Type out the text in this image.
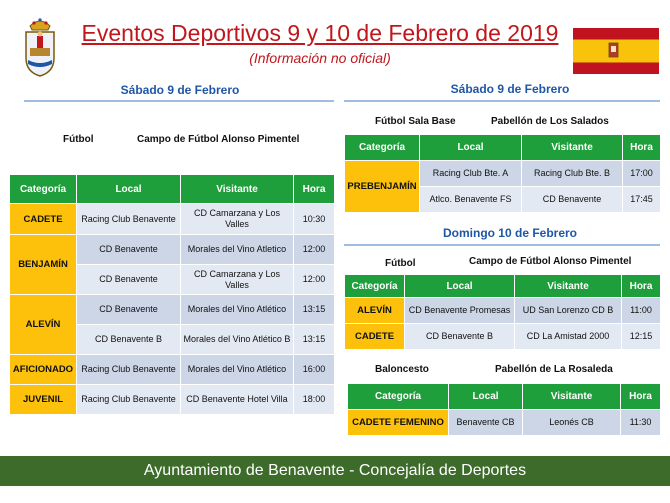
Eventos Deportivos 9 y 10 de Febrero de 2019
(Información no oficial)
Sábado 9 de Febrero
Fútbol	Campo de Fútbol Alonso Pimentel
Categoría	Local	Visitante	Hora
CADETE	Racing Club Benavente	CD Camarzana y Los Valles	10:30
BENJAMÍN	CD Benavente	Morales del Vino Atletico	12:00
	CD Benavente	CD Camarzana y Los Valles	12:00
ALEVÍN	CD Benavente	Morales del Vino Atlético	13:15
	CD Benavente B	Morales del Vino Atlético B	13:15
AFICIONADO	Racing Club Benavente	Morales del Vino Atlético	16:00
JUVENIL	Racing Club Benavente	CD Benavente Hotel Villa	18:00
Sábado 9 de Febrero
Fútbol Sala Base	Pabellón de Los Salados
Categoría	Local	Visitante	Hora
PREBENJAMÍN	Racing Club Bte. A	Racing Club Bte. B	17:00
	Atlco. Benavente FS	CD Benavente	17:45
Domingo 10 de Febrero
Fútbol	Campo de Fútbol Alonso Pimentel
Categoría	Local	Visitante	Hora
ALEVÍN	CD Benavente Promesas	UD San Lorenzo CD B	11:00
CADETE	CD Benavente B	CD La Amistad 2000	12:15
Baloncesto	Pabellón de La Rosaleda
Categoría	Local	Visitante	Hora
CADETE FEMENINO	Benavente CB	Leonés CB	11:30
Ayuntamiento de Benavente - Concejalía de Deportes
